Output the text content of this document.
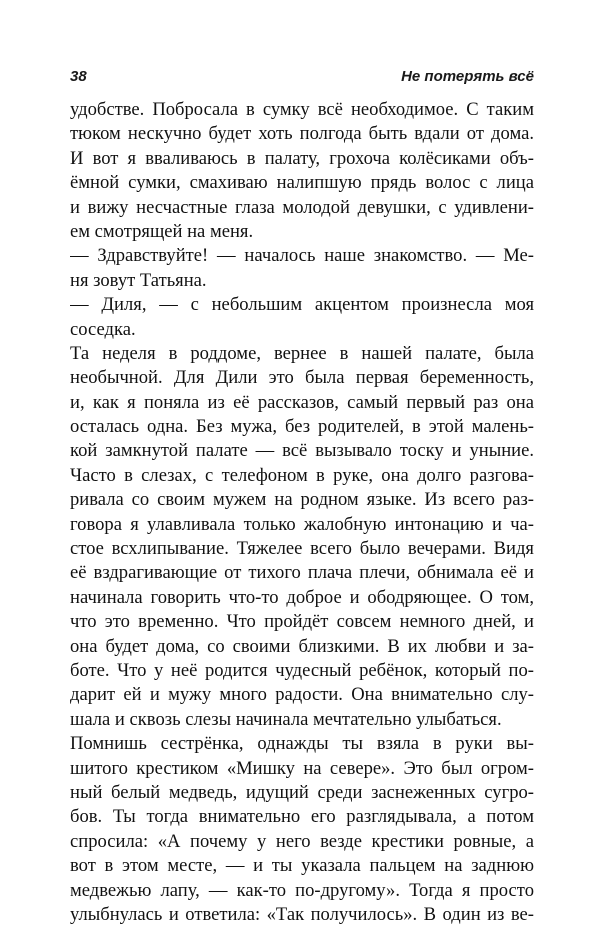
38	Не потерять всё
удобстве. Побросала в сумку всё необходимое. С таким
тюком нескучно будет хоть полгода быть вдали от дома.
И вот я вваливаюсь в палату, грохоча колёсиками объ-
ёмной сумки, смахиваю налипшую прядь волос с лица
и вижу несчастные глаза молодой девушки, с удивлени-
ем смотрящей на меня.
— Здравствуйте! — началось наше знакомство. — Ме-
ня зовут Татьяна.
— Диля, — с небольшим акцентом произнесла моя
соседка.
Та неделя в роддоме, вернее в нашей палате, была
необычной. Для Дили это была первая беременность,
и, как я поняла из её рассказов, самый первый раз она
осталась одна. Без мужа, без родителей, в этой малень-
кой замкнутой палате — всё вызывало тоску и уныние.
Часто в слезах, с телефоном в руке, она долго разгова-
ривала со своим мужем на родном языке. Из всего раз-
говора я улавливала только жалобную интонацию и ча-
стое всхлипывание. Тяжелее всего было вечерами. Видя
её вздрагивающие от тихого плача плечи, обнимала её и
начинала говорить что-то доброе и ободряющее. О том,
что это временно. Что пройдёт совсем немного дней, и
она будет дома, со своими близкими. В их любви и за-
боте. Что у неё родится чудесный ребёнок, который по-
дарит ей и мужу много радости. Она внимательно слу-
шала и сквозь слезы начинала мечтательно улыбаться.
Помнишь сестрёнка, однажды ты взяла в руки вы-
шитого крестиком «Мишку на севере». Это был огром-
ный белый медведь, идущий среди заснеженных сугро-
бов. Ты тогда внимательно его разглядывала, а потом
спросила: «А почему у него везде крестики ровные, а
вот в этом месте, — и ты указала пальцем на заднюю
медвежью лапу, — как-то по-другому». Тогда я просто
улыбнулась и ответила: «Так получилось». В один из ве-
